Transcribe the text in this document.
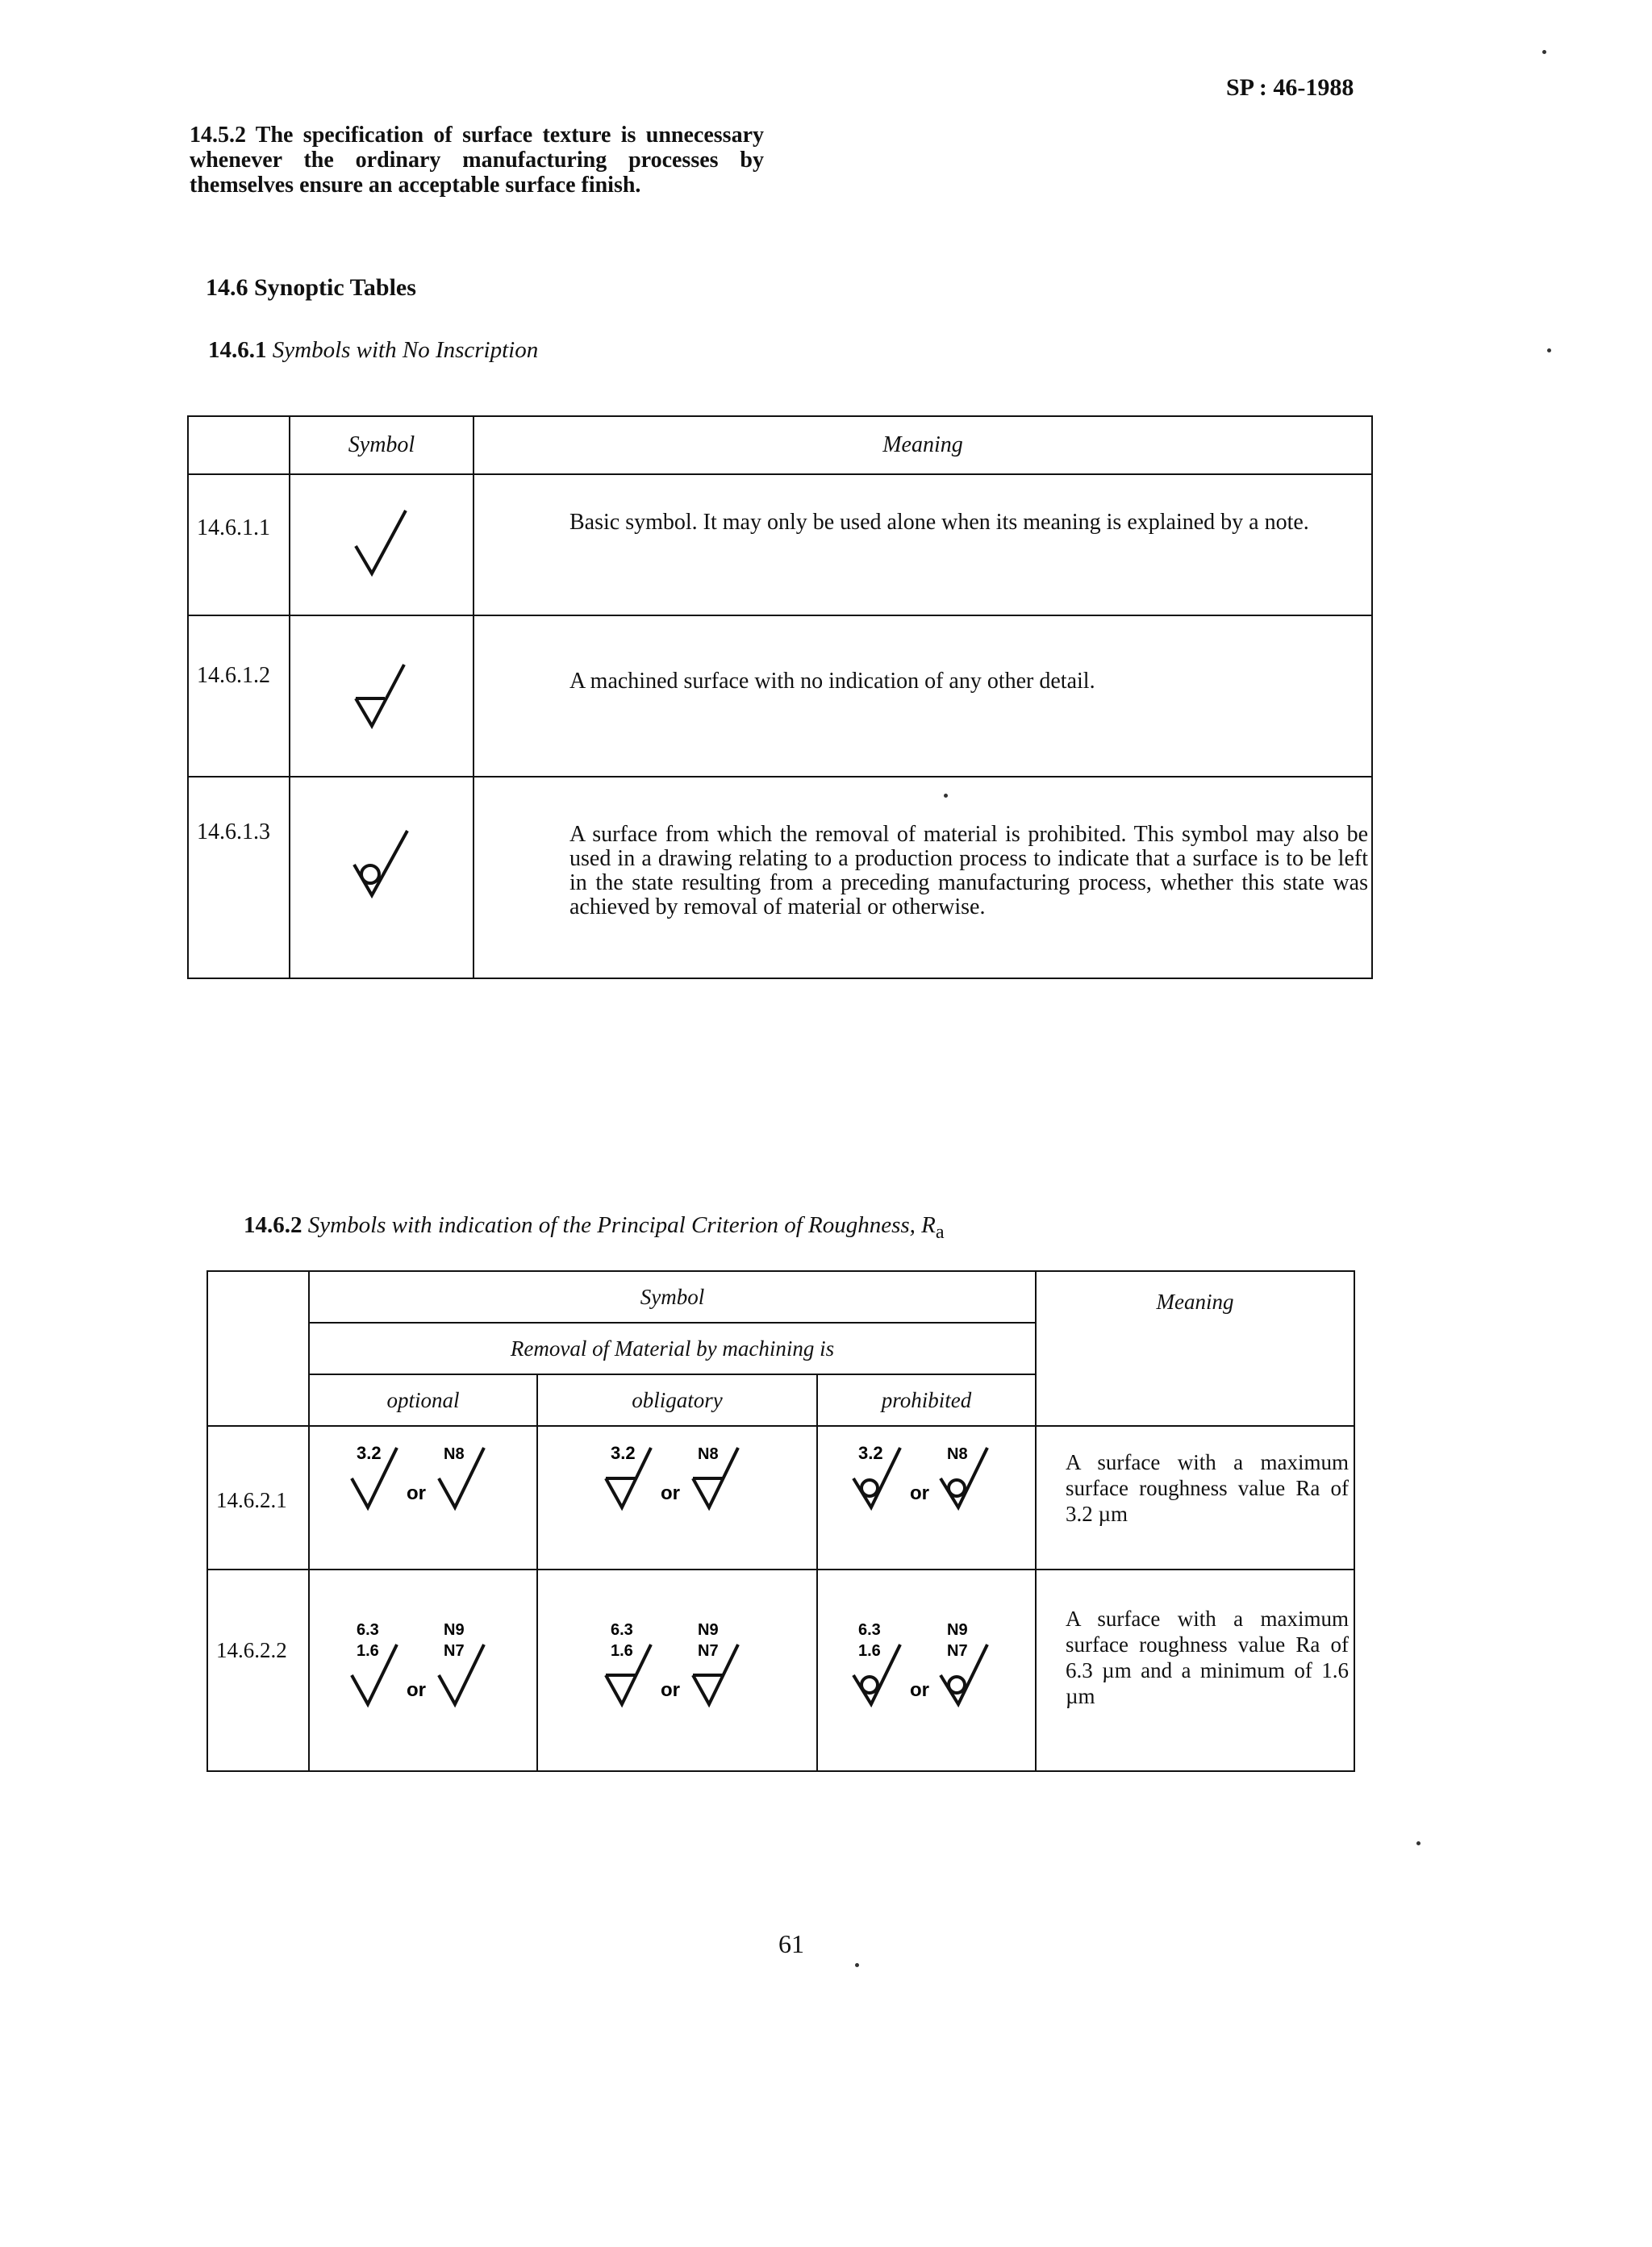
SP : 46-1988
14.5.2 The specification of surface texture is unnecessary whenever the ordinary manufacturing processes by themselves ensure an acceptable surface finish.
14.6 Synoptic Tables
14.6.1 Symbols with No Inscription
	Symbol	Meaning
14.6.1.1		Basic symbol. It may only be used alone when its meaning is explained by a note.
14.6.1.2		A machined surface with no indication of any other detail.
14.6.1.3		A surface from which the removal of material is prohibited. This symbol may also be used in a drawing relating to a production process to indicate that a surface is to be left in the state resulting from a preceding manufacturing process, whether this state was achieved by removal of material or otherwise.
14.6.2 Symbols with indication of the Principal Criterion of Roughness, $R_a$
	Symbol			Meaning
	Removal of Material by machining is			
	optional	obligatory	prohibited	
14.6.2.1	3.2
or
N8	3.2
or
N8	3.2
or
N8	A surface with a maximum surface roughness value Ra of 3.2 µm
14.6.2.2	6.3
1.6
or
N9
N7	6.3
1.6
or
N9
N7	6.3
1.6
or
N9
N7	A surface with a maximum surface roughness value Ra of 6.3 µm and a minimum of 1.6 µm
61
